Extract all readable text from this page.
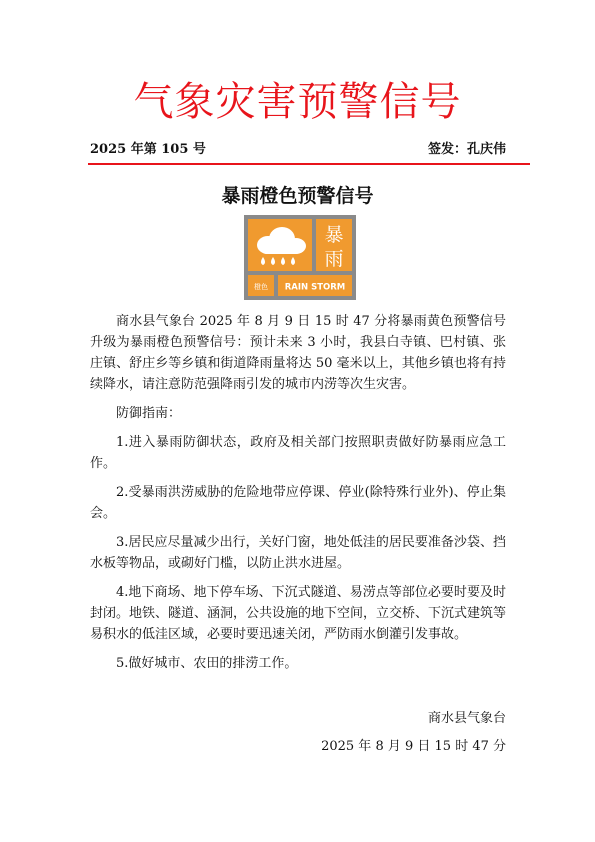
气象灾害预警信号
2025 年第 105 号	签发：孔庆伟
暴雨橙色预警信号
暴
雨
橙色 RAIN STORM

商水县气象台 2025 年 8 月 9 日 15 时 47 分将暴雨黄色预警信号升级为暴雨橙色预警信号：预计未来 3 小时，我县白寺镇、巴村镇、张庄镇、舒庄乡等乡镇和街道降雨量将达 50 毫米以上，其他乡镇也将有持续降水，请注意防范强降雨引发的城市内涝等次生灾害。

防御指南：

1.进入暴雨防御状态，政府及相关部门按照职责做好防暴雨应急工作。

2.受暴雨洪涝威胁的危险地带应停课、停业(除特殊行业外)、停止集会。

3.居民应尽量减少出行，关好门窗，地处低洼的居民要准备沙袋、挡水板等物品，或砌好门槛，以防止洪水进屋。

4.地下商场、地下停车场、下沉式隧道、易涝点等部位必要时要及时封闭。地铁、隧道、涵洞，公共设施的地下空间，立交桥、下沉式建筑等易积水的低洼区域，必要时要迅速关闭，严防雨水倒灌引发事故。

5.做好城市、农田的排涝工作。

商水县气象台
2025 年 8 月 9 日 15 时 47 分
